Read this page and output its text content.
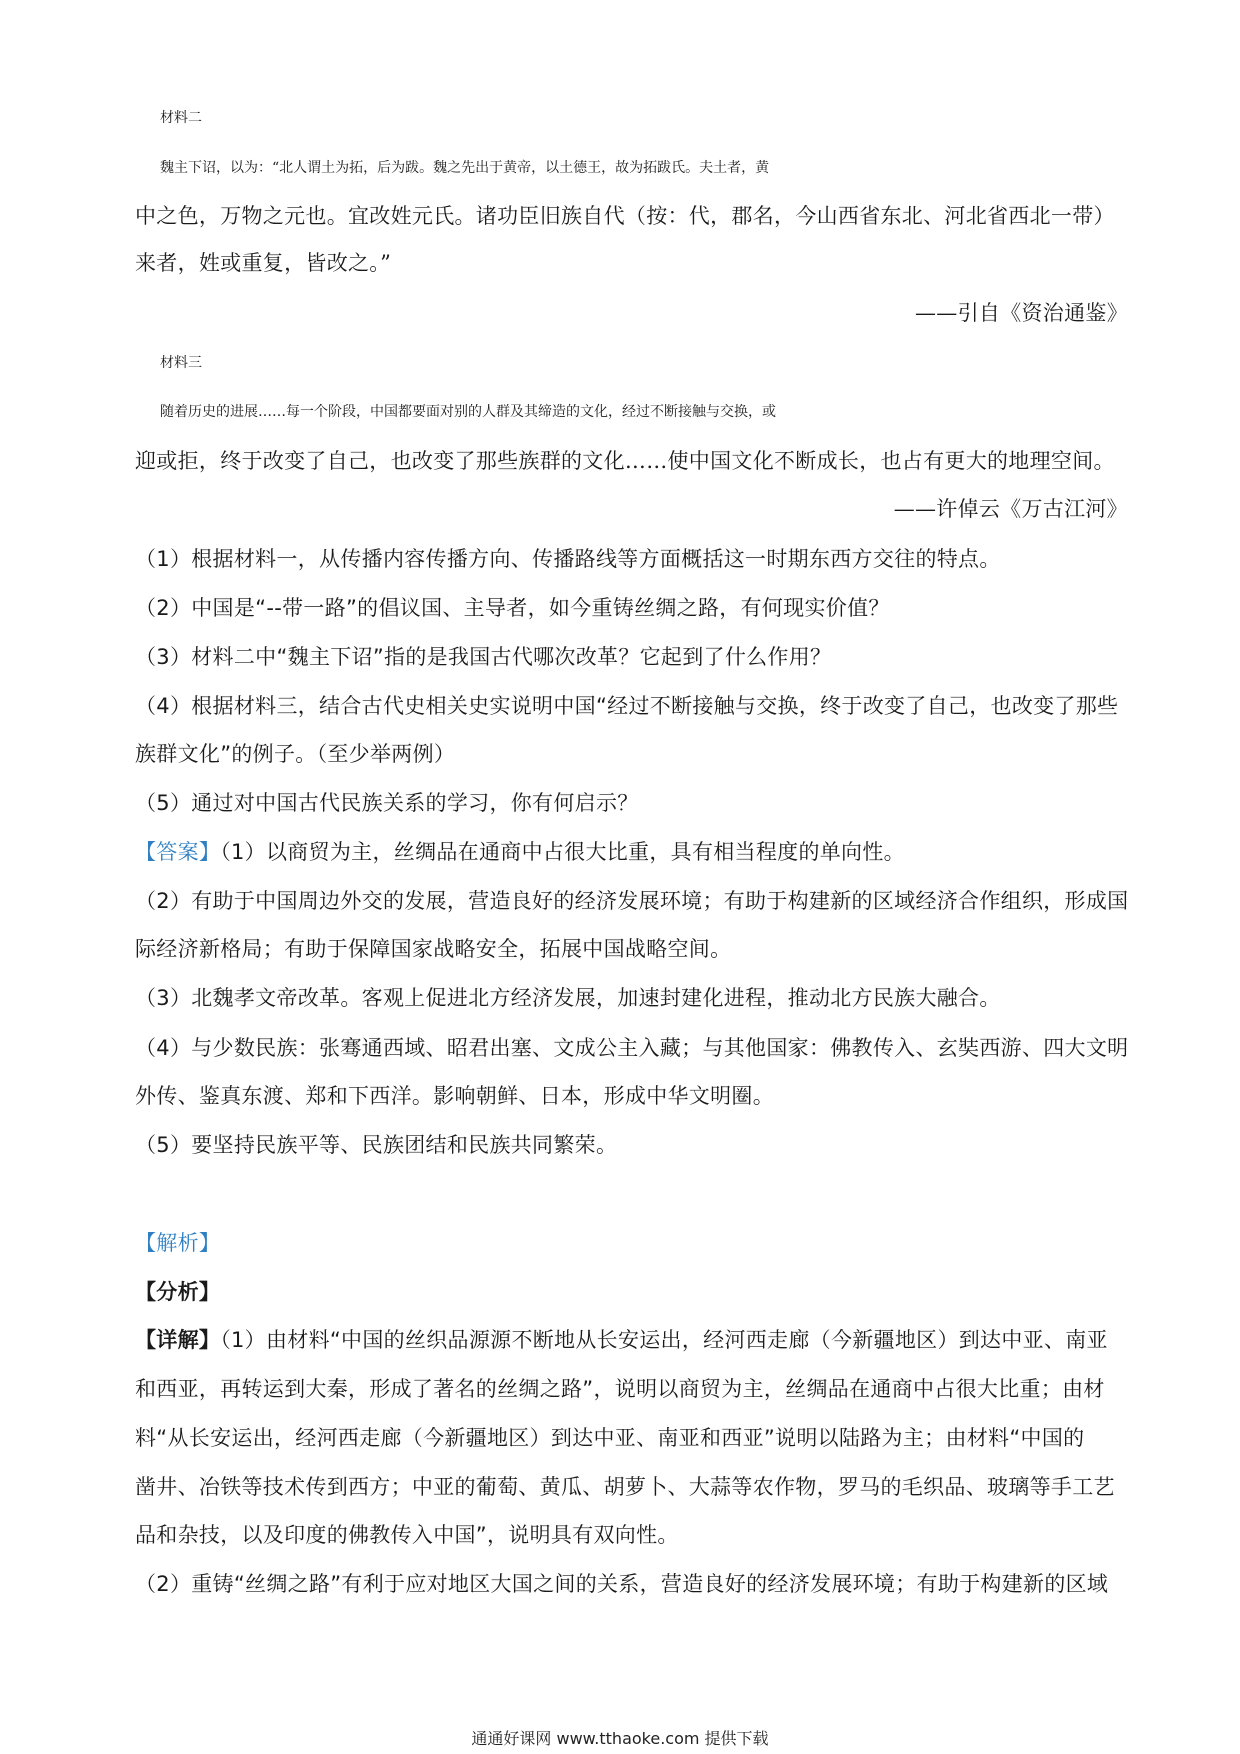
材料二
魏主下诏，以为：“北人谓土为拓，后为跋。魏之先出于黄帝，以土德王，故为拓跋氏。夫土者，黄
中之色，万物之元也。宜改姓元氏。诸功臣旧族自代（按：代，郡名，今山西省东北、河北省西北一带）
来者，姓或重复，皆改之。”
——引自《资治通鉴》
材料三
随着历史的进展……每一个阶段，中国都要面对别的人群及其缔造的文化，经过不断接触与交换，或
迎或拒，终于改变了自己，也改变了那些族群的文化……使中国文化不断成长，也占有更大的地理空间。
——许倬云《万古江河》
（1）根据材料一，从传播内容传播方向、传播路线等方面概括这一时期东西方交往的特点。
（2）中国是“--带一路”的倡议国、主导者，如今重铸丝绸之路，有何现实价值？
（3）材料二中“魏主下诏”指的是我国古代哪次改革？它起到了什么作用？
（4）根据材料三，结合古代史相关史实说明中国“经过不断接触与交换，终于改变了自己，也改变了那些
族群文化”的例子。（至少举两例）
（5）通过对中国古代民族关系的学习，你有何启示？
【答案】（1）以商贸为主，丝绸品在通商中占很大比重，具有相当程度的单向性。
（2）有助于中国周边外交的发展，营造良好的经济发展环境；有助于构建新的区域经济合作组织，形成国
际经济新格局；有助于保障国家战略安全，拓展中国战略空间。
（3）北魏孝文帝改革。客观上促进北方经济发展，加速封建化进程，推动北方民族大融合。
（4）与少数民族：张骞通西域、昭君出塞、文成公主入藏；与其他国家：佛教传入、玄奘西游、四大文明
外传、鉴真东渡、郑和下西洋。影响朝鲜、日本，形成中华文明圈。
（5）要坚持民族平等、民族团结和民族共同繁荣。
【解析】
【分析】
【详解】（1）由材料“中国的丝织品源源不断地从长安运出，经河西走廊（今新疆地区）到达中亚、南亚
和西亚，再转运到大秦，形成了著名的丝绸之路”，说明以商贸为主，丝绸品在通商中占很大比重；由材
料“从长安运出，经河西走廊（今新疆地区）到达中亚、南亚和西亚”说明以陆路为主；由材料“中国的
凿井、冶铁等技术传到西方；中亚的葡萄、黄瓜、胡萝卜、大蒜等农作物，罗马的毛织品、玻璃等手工艺
品和杂技，以及印度的佛教传入中国”，说明具有双向性。
（2）重铸“丝绸之路”有利于应对地区大国之间的关系，营造良好的经济发展环境；有助于构建新的区域
通通好课网 www.tthaoke.com 提供下载
